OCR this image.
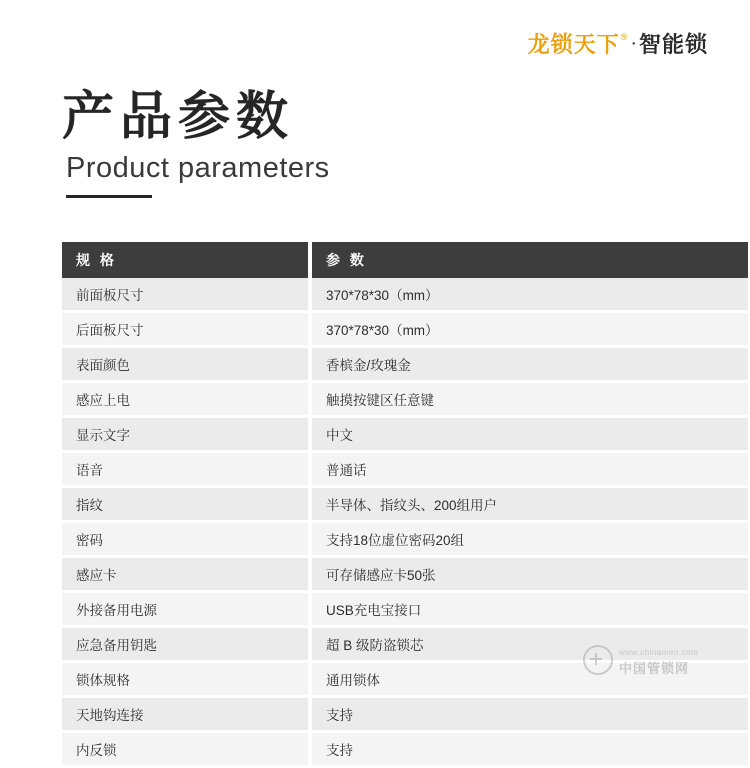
龙锁天下 ® · 智能锁
产品参数
Product parameters
规 格	参 数
前面板尺寸	370*78*30（mm）
后面板尺寸	370*78*30（mm）
表面颜色	香槟金/玫瑰金
感应上电	触摸按键区任意键
显示文字	中文
语音	普通话
指纹	半导体、指纹头、200组用户
密码	支持18位虚位密码20组
感应卡	可存储感应卡50张
外接备用电源	USB充电宝接口
应急备用钥匙	超 B 级防盗锁芯
锁体规格	通用锁体
天地钩连接	支持
内反锁	支持
www.chinamen.com
中国管锁网
